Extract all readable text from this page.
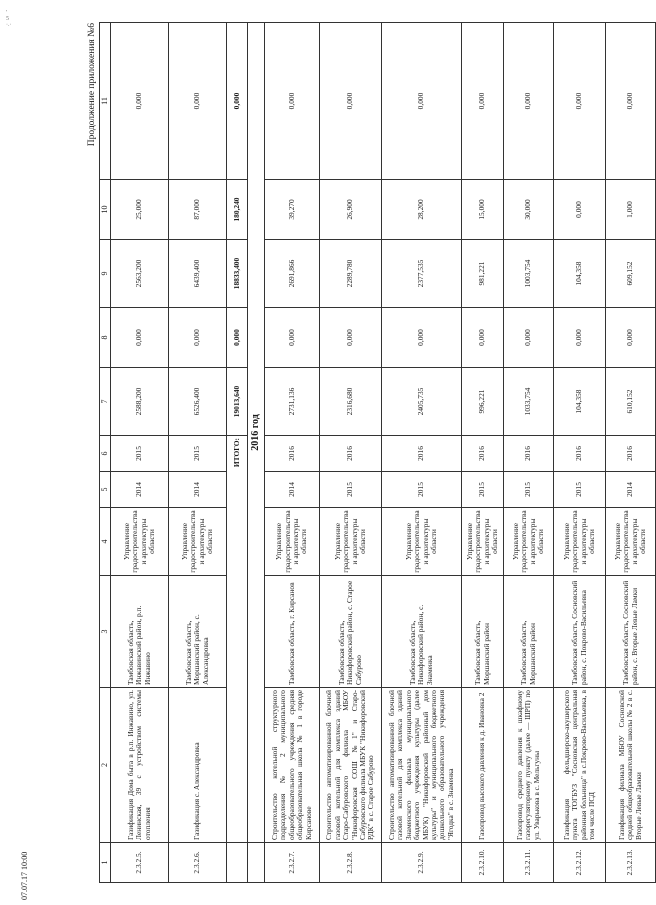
'
5
·.·	Продолжение приложения №6
1	2	3	4	5	6	7	8	9	10	11
2.3.2.5.	Газификация Дома быта в р.п. Инжавино, ул. Ленинская, 39 с устройством системы отопления	Тамбовская область, Инжавинский район, р.п. Инжавино	Управление градостроительства и архитектуры области	2014	2015	2588,200	0,000	2563,200	25,000	0,000
2.3.2.6.	Газификация с. Александровка	Тамбовская область, Моршанский район, с. Александровка	Управление градостроительства и архитектуры области	2014	2015	6526,400	0,000	6439,400	87,000	0,000
	ИТОГО:					19013,640	0,000	18833,400	180,240	0,000
	2016 год									
2.3.2.7.	Строительство котельной структурного подразделения № 2 муниципального общеобразовательного учреждения средняя общеобразовательная школа № 1 в городе Кирсанове	Тамбовская область, г. Кирсанов	Управление градостроительства и архитектуры области	2014	2016	2731,136	0,000	2691,866	39,270	0,000
2.3.2.8.	Строительство автоматизированной блочной газовой котельной для комплекса зданий Старо-Сабуровского филиала МБОУ "Никифоровская СОШ №1" и Старо-Сабуровского филиала МБУК "Никифоровский РДК" в с. Старое Сабурово	Тамбовская область, Никифоровский район, с. Старое Сабурово	Управление градостроительства и архитектуры области	2015	2016	2316,680	0,000	2289,780	26,900	0,000
2.3.2.9.	Строительство автоматизированной блочной газовой котельной для комплекса зданий Знаменского филиала муниципального бюджетного учреждения культуры (далее МБУК) "Никифоровский районный дом культуры" и муниципального бюджетного дошкольного образовательного учреждения "Ягодка" в с. Знаменка	Тамбовская область, Никифоровский район, с. Знаменка	Управление градостроительства и архитектуры области	2015	2016	2405,735	0,000	2377,535	28,200	0,000
2.3.2.10.	Газопровод высокого давления к д. Ивановка 2	Тамбовская область, Моршанский район	Управление градостроительства и архитектуры области	2015	2016	996,221	0,000	981,221	15,000	0,000
2.3.2.11.	Газопровод среднего давления к шкафному газорегуляторному пункту (далее — ШРП) по ул. Уварькова в с. Мельгуны	Тамбовская область, Моршанский район	Управление градостроительства и архитектуры области	2015	2016	1033,754	0,000	1003,754	30,000	0,000
2.3.2.12.	Газификация фельдшерско-акушерского пункта ТОГБУЗ "Сосновская центральная районная больница" в с.Покрово-Васильевка, в том числе ПСД	Тамбовская область, Сосновский район, с. Покрово-Васильевка	Управление градостроительства и архитектуры области	2015	2016	104,358	0,000	104,358	0,000	0,000
2.3.2.13.	Газификация филиала МБОУ Сосновской средней общеобразовательной школы № 2 в с. Вторые Левые Ламки	Тамбовская область, Сосновский район, с. Вторые Левые Ламки	Управление градостроительства и архитектуры области	2014	2016	610,152	0,000	609,152	1,000	0,000
07.07.17 10:00
